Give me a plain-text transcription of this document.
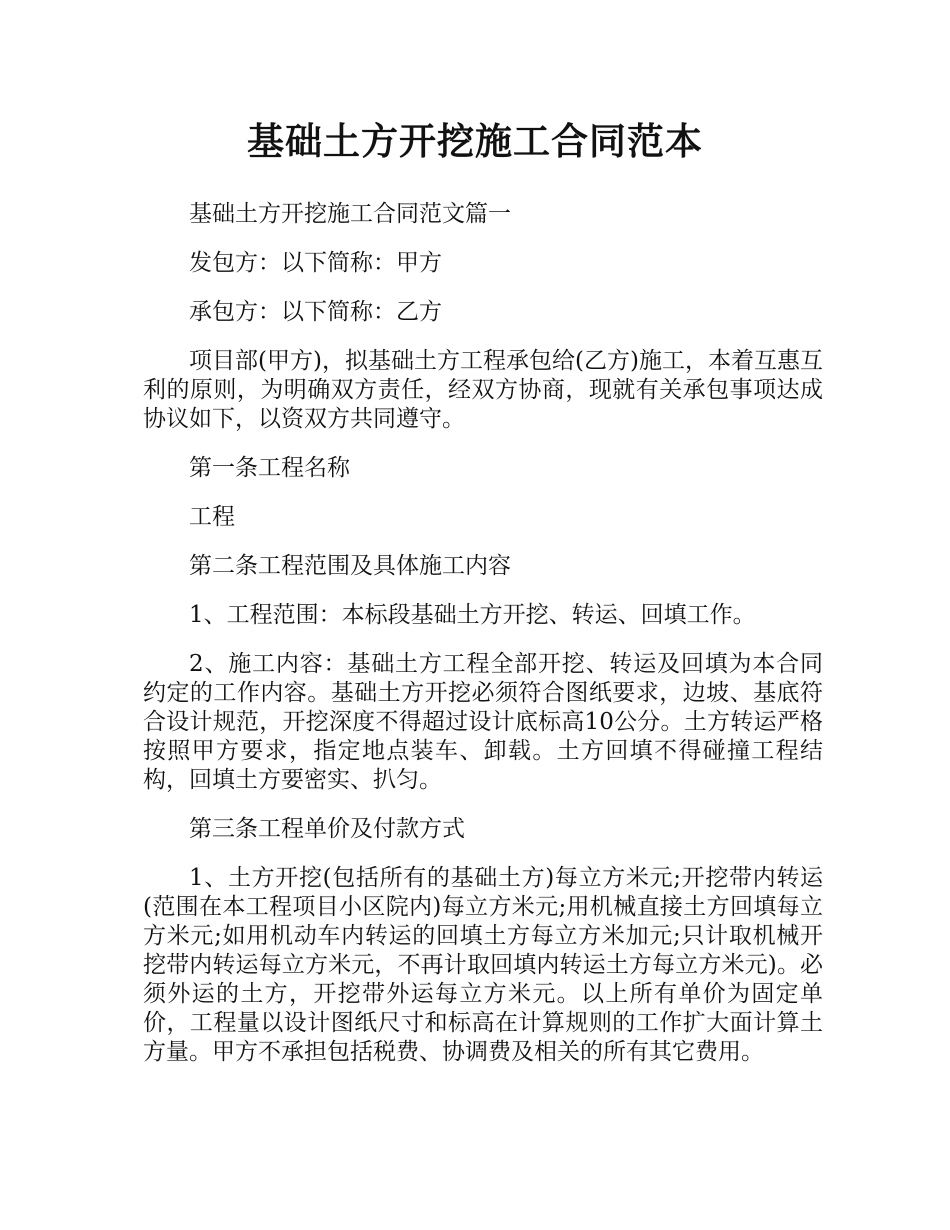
基础土方开挖施工合同范本

基础土方开挖施工合同范文篇一

发包方：以下简称：甲方

承包方：以下简称：乙方

项目部(甲方)，拟基础土方工程承包给(乙方)施工，本着互惠互利的原则，为明确双方责任，经双方协商，现就有关承包事项达成协议如下，以资双方共同遵守。

第一条工程名称

工程

第二条工程范围及具体施工内容

1、工程范围：本标段基础土方开挖、转运、回填工作。

2、施工内容：基础土方工程全部开挖、转运及回填为本合同约定的工作内容。基础土方开挖必须符合图纸要求，边坡、基底符合设计规范，开挖深度不得超过设计底标高10公分。土方转运严格按照甲方要求，指定地点装车、卸载。土方回填不得碰撞工程结构，回填土方要密实、扒匀。

第三条工程单价及付款方式

1、土方开挖(包括所有的基础土方)每立方米元;开挖带内转运(范围在本工程项目小区院内)每立方米元;用机械直接土方回填每立方米元;如用机动车内转运的回填土方每立方米加元;只计取机械开挖带内转运每立方米元，不再计取回填内转运土方每立方米元)。必须外运的土方，开挖带外运每立方米元。以上所有单价为固定单价，工程量以设计图纸尺寸和标高在计算规则的工作扩大面计算土方量。甲方不承担包括税费、协调费及相关的所有其它费用。
